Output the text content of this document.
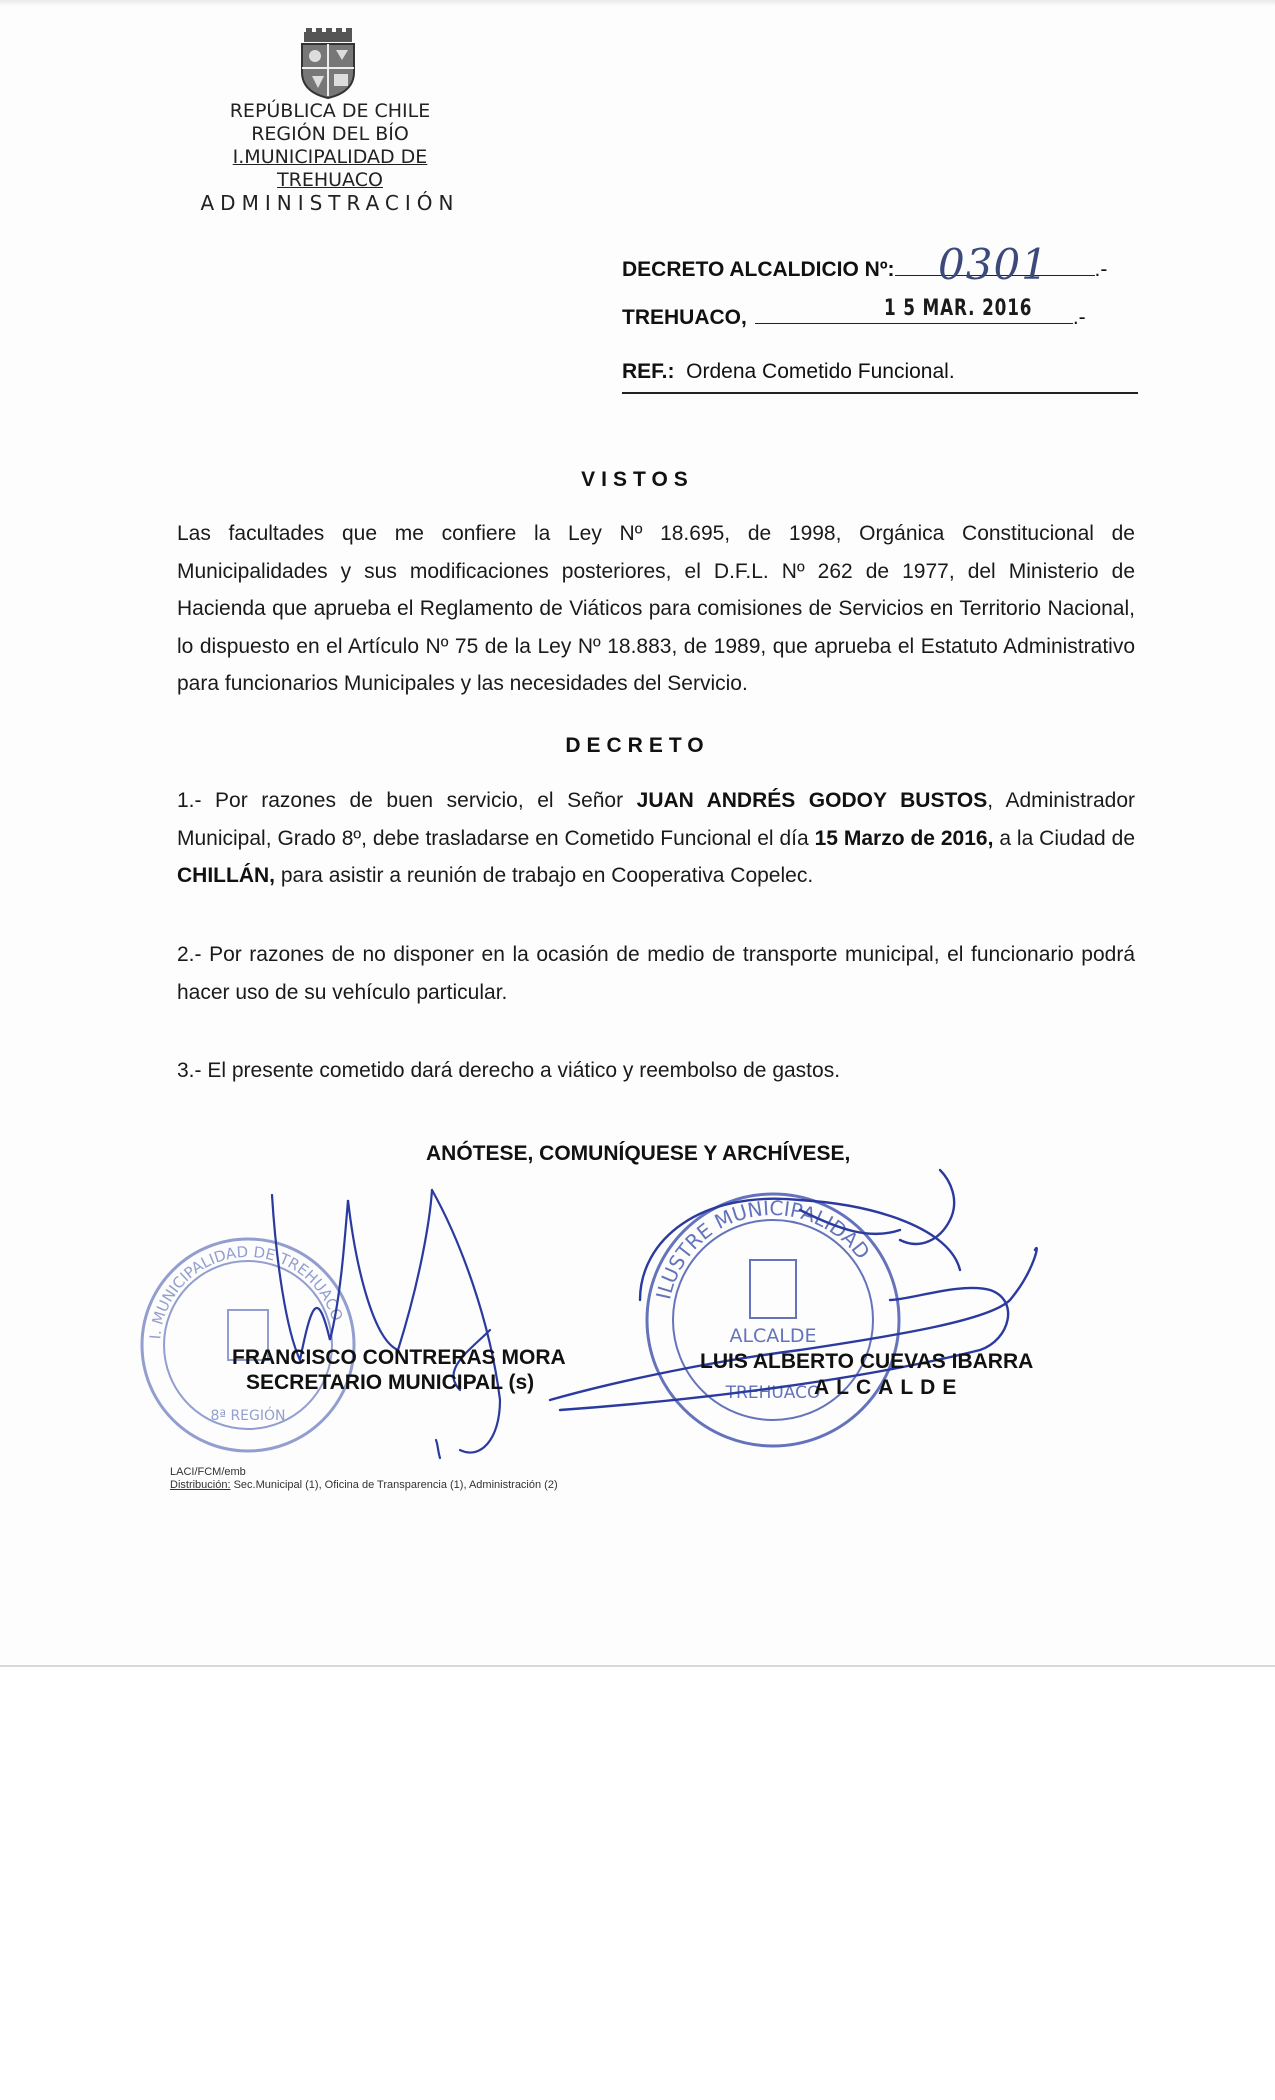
REPÚBLICA DE CHILE
REGIÓN DEL BÍO
I.MUNICIPALIDAD DE TREHUACO
ADMINISTRACIÓN
DECRETO ALCALDICIO Nº:	.-
0301
TREHUACO,	.-
1 5 MAR. 2016
REF.: Ordena Cometido Funcional.
VISTOS
Las facultades que me confiere la Ley Nº 18.695, de 1998, Orgánica Constitucional de Municipalidades y sus modificaciones posteriores, el D.F.L. Nº 262 de 1977, del Ministerio de Hacienda que aprueba el Reglamento de Viáticos para comisiones de Servicios en Territorio Nacional, lo dispuesto en el Artículo Nº 75 de la Ley Nº 18.883, de 1989, que aprueba el Estatuto Administrativo para funcionarios Municipales y las necesidades del Servicio.
DECRETO
1.- Por razones de buen servicio, el Señor JUAN ANDRÉS GODOY BUSTOS, Administrador Municipal, Grado 8º, debe trasladarse en Cometido Funcional el día 15 Marzo de 2016, a la Ciudad de CHILLÁN, para asistir a reunión de trabajo en Cooperativa Copelec.
2.- Por razones de no disponer en la ocasión de medio de transporte municipal, el funcionario podrá hacer uso de su vehículo particular.
3.- El presente cometido dará derecho a viático y reembolso de gastos.
ANÓTESE, COMUNÍQUESE Y ARCHÍVESE,
I. MUNICIPALIDAD DE TREHUACO
8ª REGIÓN
ILUSTRE MUNICIPALIDAD
ALCALDE
TREHUACO
FRANCISCO CONTRERAS MORA
SECRETARIO MUNICIPAL (s)
LUIS ALBERTO CUEVAS IBARRA
ALCALDE
LACI/FCM/emb
Distribución: Sec.Municipal (1), Oficina de Transparencia (1), Administración (2)
